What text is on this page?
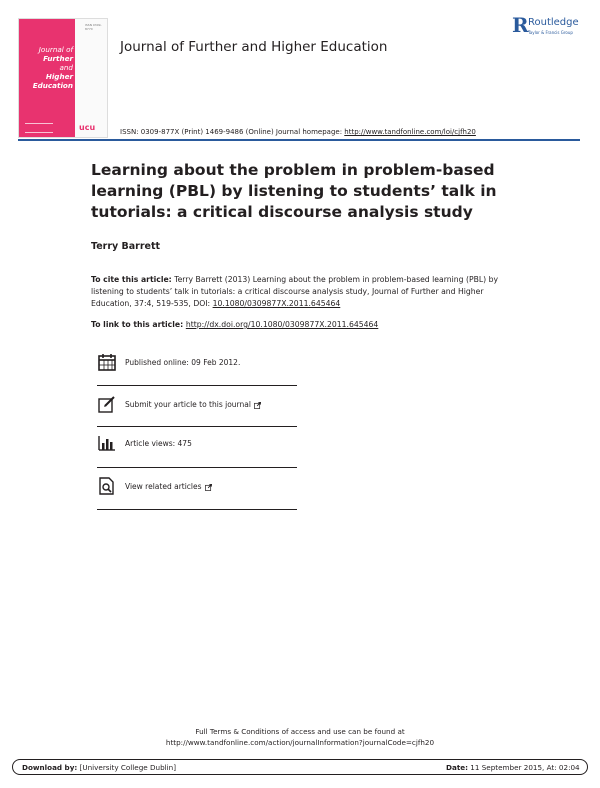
Journal of
Further
and
Higher
Education
ISSN 0309-877X
ucu
Journal of Further and Higher Education
R Routledge
Taylor & Francis Group
ISSN: 0309-877X (Print) 1469-9486 (Online) Journal homepage: http://www.tandfonline.com/loi/cjfh20
Learning about the problem in problem-based learning (PBL) by listening to students’ talk in tutorials: a critical discourse analysis study
Terry Barrett
To cite this article: Terry Barrett (2013) Learning about the problem in problem-based learning (PBL) by listening to students’ talk in tutorials: a critical discourse analysis study, Journal of Further and Higher Education, 37:4, 519-535, DOI: 10.1080/0309877X.2011.645464
To link to this article: http://dx.doi.org/10.1080/0309877X.2011.645464
Published online: 09 Feb 2012.
Submit your article to this journal
Article views: 475
View related articles
Full Terms & Conditions of access and use can be found at
http://www.tandfonline.com/action/journalInformation?journalCode=cjfh20
Download by: [University College Dublin]	Date: 11 September 2015, At: 02:04
